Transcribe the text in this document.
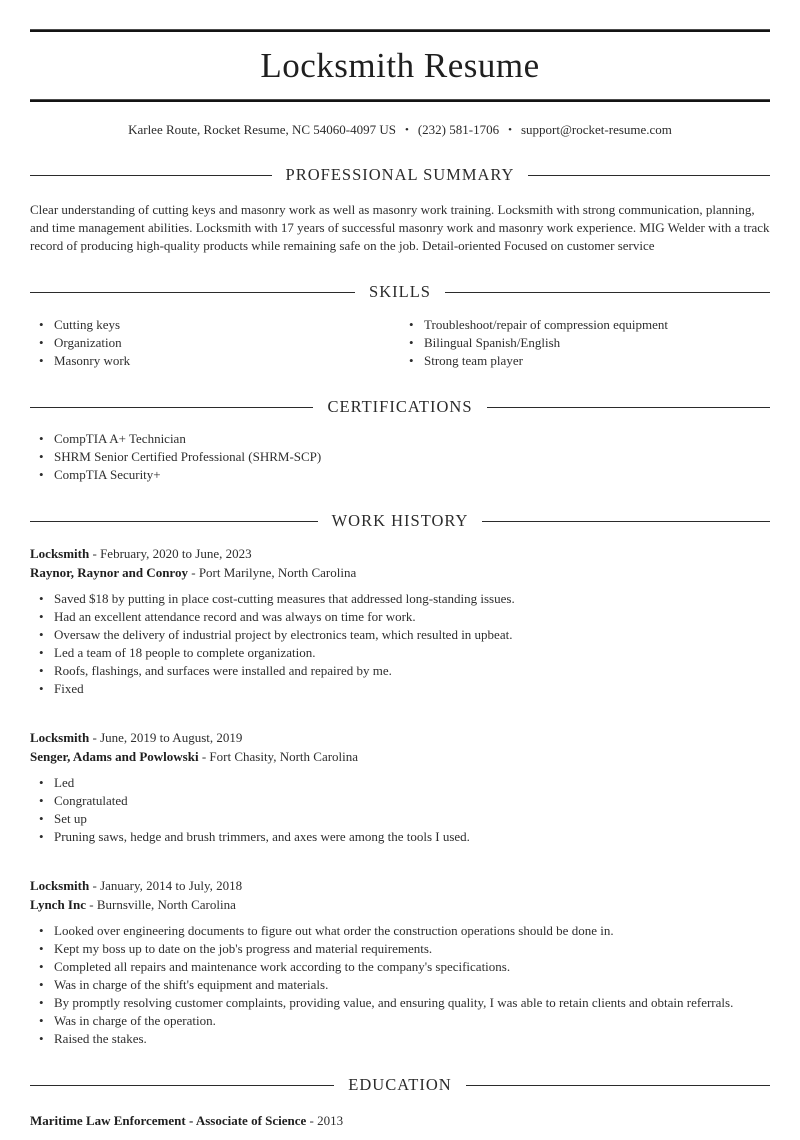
Locksmith Resume

Karlee Route, Rocket Resume, NC 54060-4097 US • (232) 581-1706 • support@rocket-resume.com

PROFESSIONAL SUMMARY

Clear understanding of cutting keys and masonry work as well as masonry work training. Locksmith with strong communication, planning, and time management abilities. Locksmith with 17 years of successful masonry work and masonry work experience. MIG Welder with a track record of producing high-quality products while remaining safe on the job. Detail-oriented Focused on customer service

SKILLS
• Cutting keys
• Organization
• Masonry work
• Troubleshoot/repair of compression equipment
• Bilingual Spanish/English
• Strong team player
CERTIFICATIONS
• CompTIA A+ Technician
• SHRM Senior Certified Professional (SHRM-SCP)
• CompTIA Security+
WORK HISTORY

Locksmith - February, 2020 to June, 2023

Raynor, Raynor and Conroy - Port Marilyne, North Carolina

• Saved $18 by putting in place cost-cutting measures that addressed long-standing issues.
• Had an excellent attendance record and was always on time for work.
• Oversaw the delivery of industrial project by electronics team, which resulted in upbeat.
• Led a team of 18 people to complete organization.
• Roofs, flashings, and surfaces were installed and repaired by me.
• Fixed

Locksmith - June, 2019 to August, 2019

Senger, Adams and Powlowski - Fort Chasity, North Carolina

• Led
• Congratulated
• Set up
• Pruning saws, hedge and brush trimmers, and axes were among the tools I used.

Locksmith - January, 2014 to July, 2018

Lynch Inc - Burnsville, North Carolina

• Looked over engineering documents to figure out what order the construction operations should be done in.
• Kept my boss up to date on the job's progress and material requirements.
• Completed all repairs and maintenance work according to the company's specifications.
• Was in charge of the shift's equipment and materials.
• By promptly resolving customer complaints, providing value, and ensuring quality, I was able to retain clients and obtain referrals.
• Was in charge of the operation.
• Raised the stakes.
EDUCATION

Maritime Law Enforcement - Associate of Science - 2013
